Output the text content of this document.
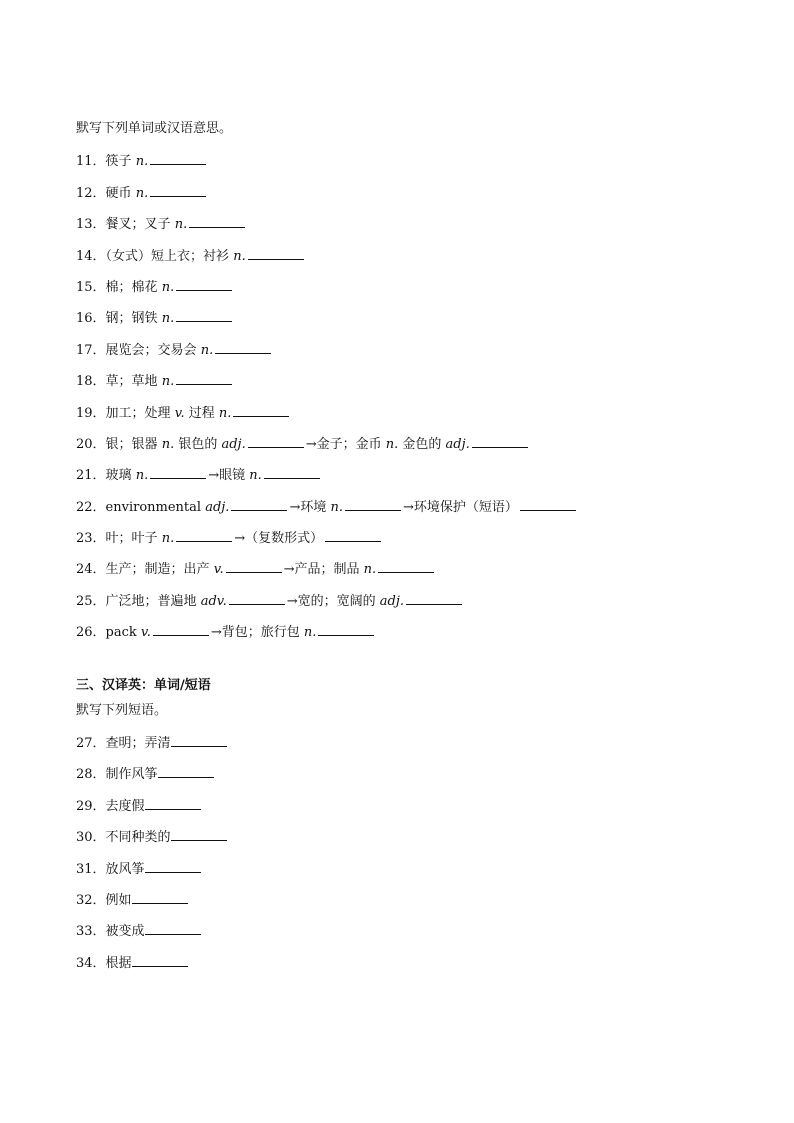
默写下列单词或汉语意思。
11．筷子 n.
12．硬币 n.
13．餐叉；叉子 n.
14．（女式）短上衣；衬衫 n.
15．棉；棉花 n.
16．钢；钢铁 n.
17．展览会；交易会 n.
18．草；草地 n.
19．加工；处理 v. 过程 n.
20．银；银器 n. 银色的 adj.	→金子；金币 n. 金色的 adj.
21．玻璃 n.	→眼镜 n.
22．environmental adj.	→环境 n.	→环境保护（短语）
23．叶；叶子 n.	→（复数形式）
24．生产；制造；出产 v.	→产品；制品 n.
25．广泛地；普遍地 adv.	→宽的；宽阔的 adj.
26．pack v.	→背包；旅行包 n.
三、汉译英：单词/短语
默写下列短语。
27．查明；弄清
28．制作风筝
29．去度假
30．不同种类的
31．放风筝
32．例如
33．被变成
34．根据
